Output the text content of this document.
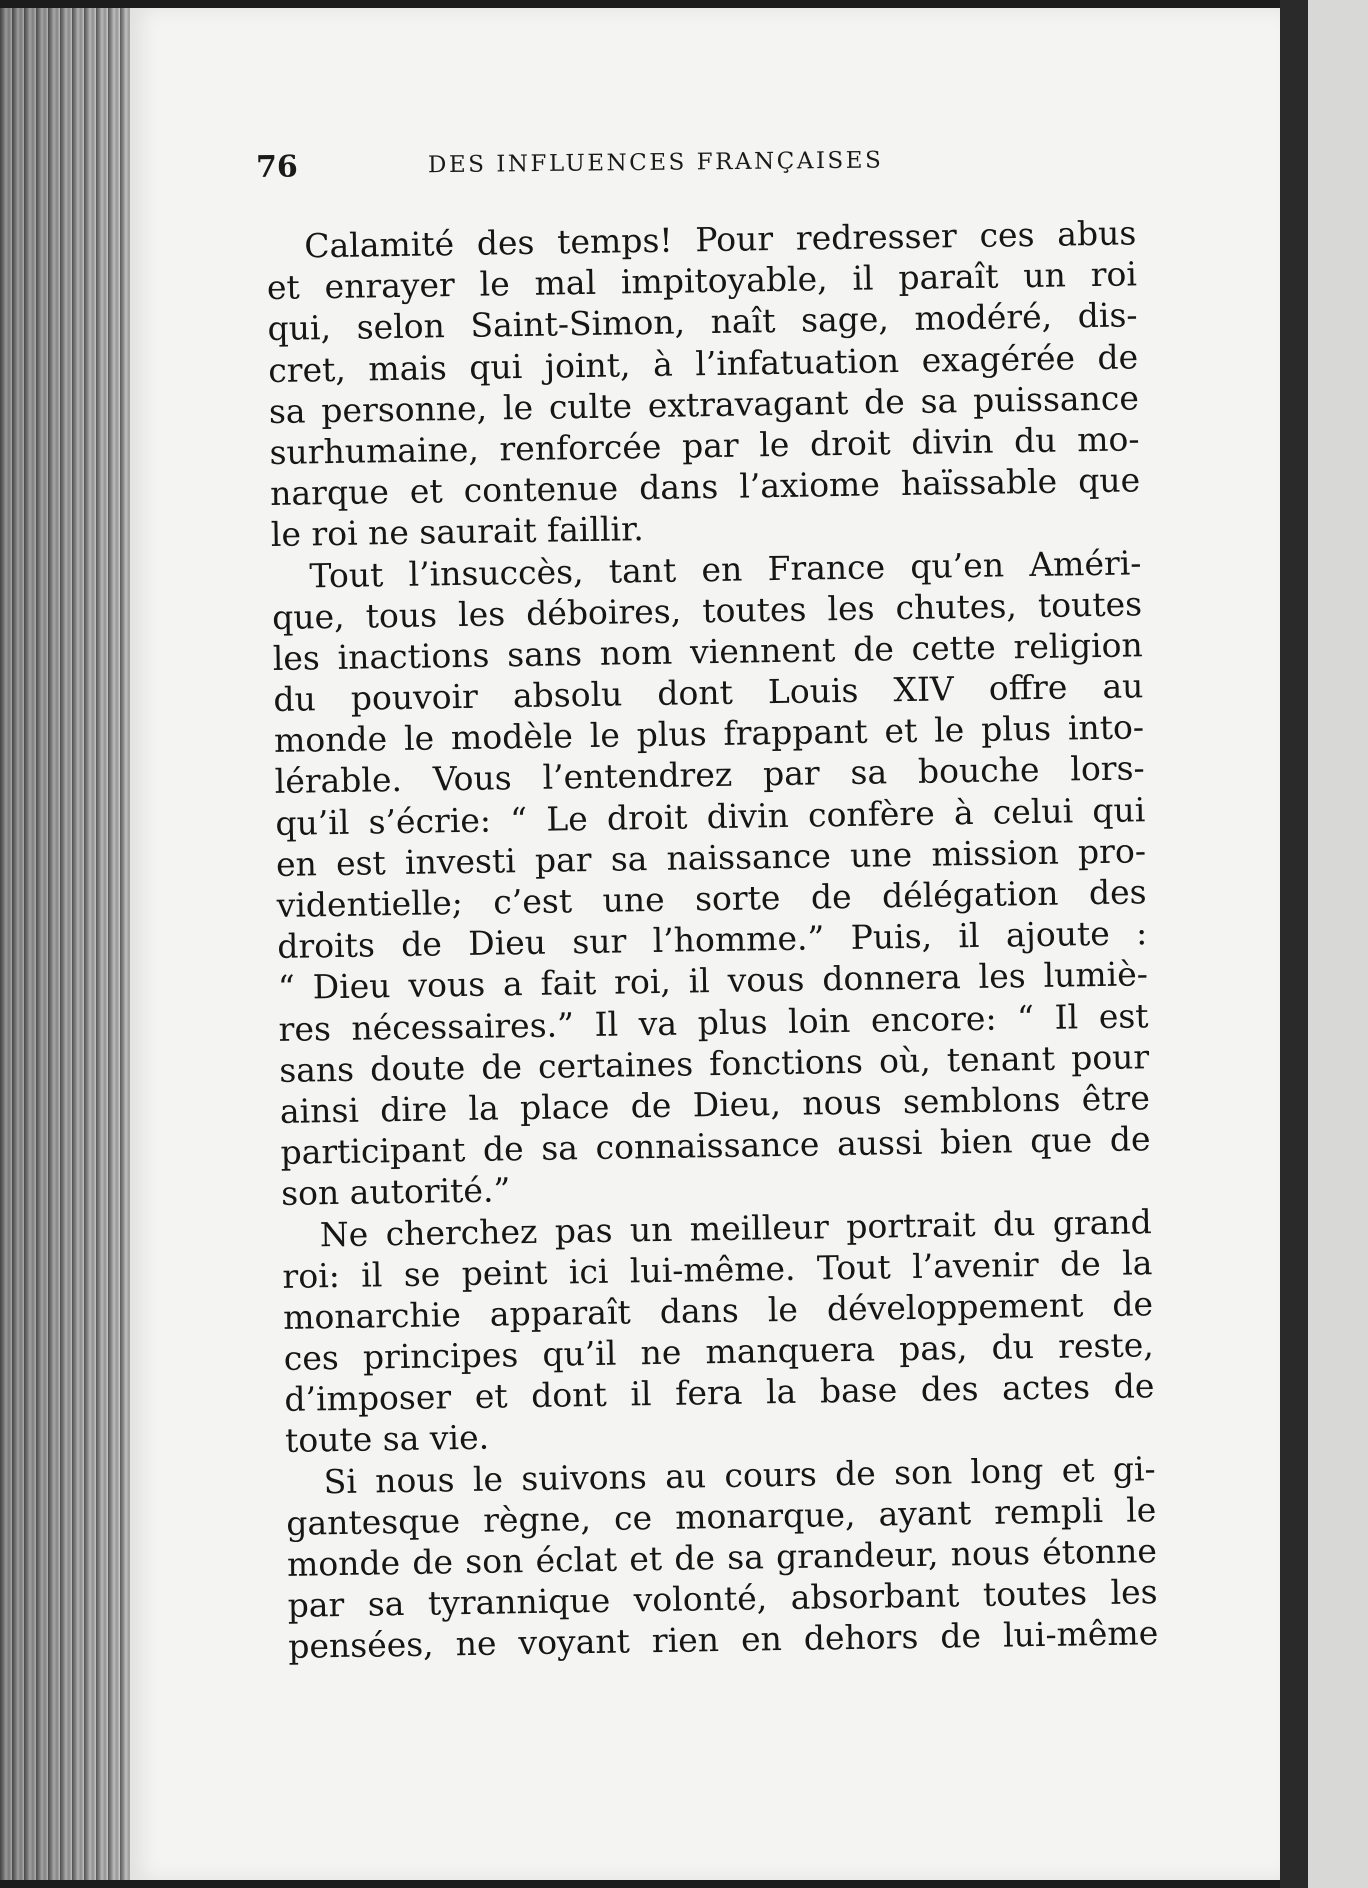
76	DES INFLUENCES FRANÇAISES
Calamité des temps! Pour redresser ces abus
et enrayer le mal impitoyable, il paraît un roi
qui, selon Saint-Simon, naît sage, modéré, dis-
cret, mais qui joint, à l’infatuation exagérée de
sa personne, le culte extravagant de sa puissance
surhumaine, renforcée par le droit divin du mo-
narque et contenue dans l’axiome haïssable que
le roi ne saurait faillir.
Tout l’insuccès, tant en France qu’en Améri-
que, tous les déboires, toutes les chutes, toutes
les inactions sans nom viennent de cette religion
du pouvoir absolu dont Louis XIV offre au
monde le modèle le plus frappant et le plus into-
lérable. Vous l’entendrez par sa bouche lors-
qu’il s’écrie: “ Le droit divin confère à celui qui
en est investi par sa naissance une mission pro-
videntielle; c’est une sorte de délégation des
droits de Dieu sur l’homme.” Puis, il ajoute :
“ Dieu vous a fait roi, il vous donnera les lumiè-
res nécessaires.” Il va plus loin encore: “ Il est
sans doute de certaines fonctions où, tenant pour
ainsi dire la place de Dieu, nous semblons être
participant de sa connaissance aussi bien que de
son autorité.”
Ne cherchez pas un meilleur portrait du grand
roi: il se peint ici lui-même. Tout l’avenir de la
monarchie apparaît dans le développement de
ces principes qu’il ne manquera pas, du reste,
d’imposer et dont il fera la base des actes de
toute sa vie.
Si nous le suivons au cours de son long et gi-
gantesque règne, ce monarque, ayant rempli le
monde de son éclat et de sa grandeur, nous étonne
par sa tyrannique volonté, absorbant toutes les
pensées, ne voyant rien en dehors de lui-même
